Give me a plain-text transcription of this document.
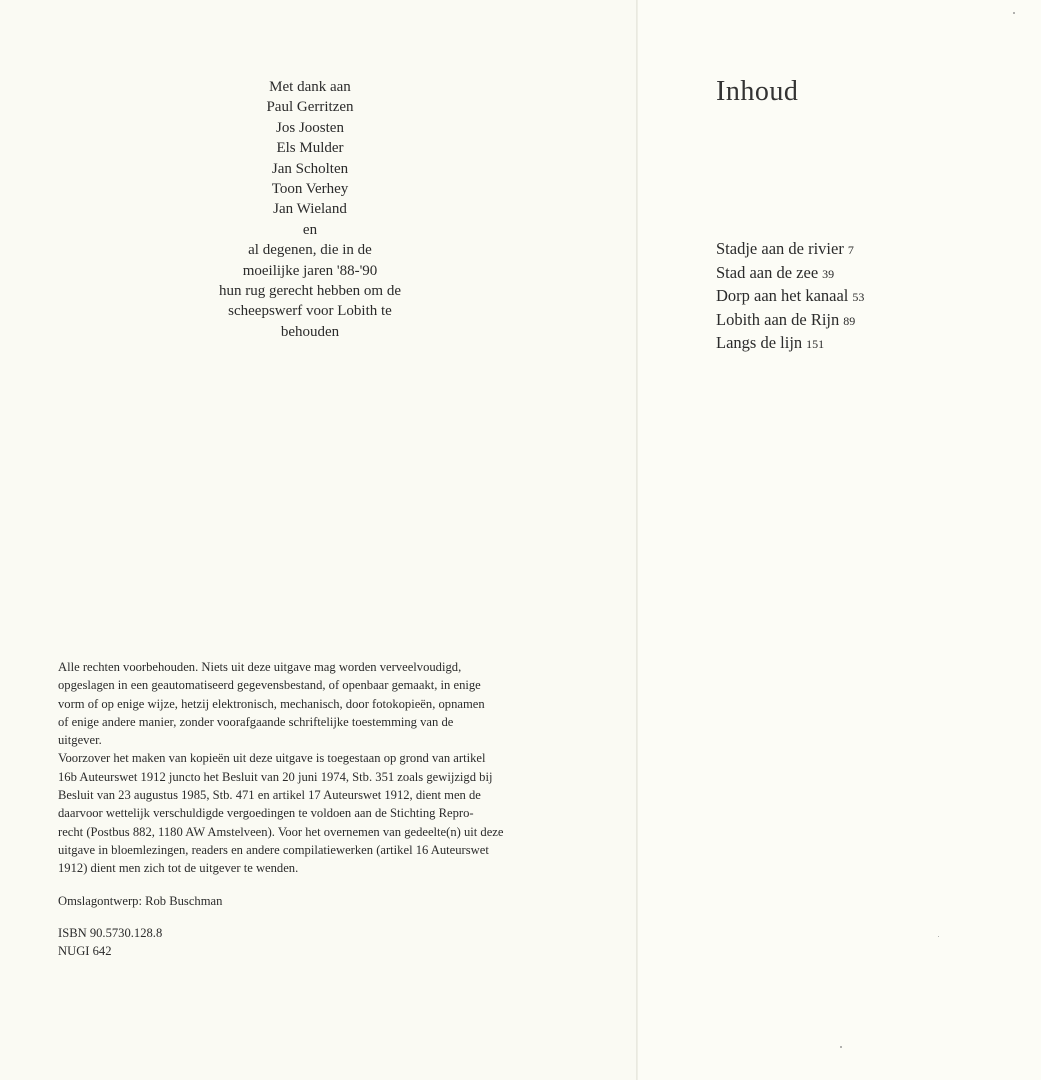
Met dank aan
Paul Gerritzen
Jos Joosten
Els Mulder
Jan Scholten
Toon Verhey
Jan Wieland
en
al degenen, die in de
moeilijke jaren '88-'90
hun rug gerecht hebben om de
scheepswerf voor Lobith te
behouden

Alle rechten voorbehouden. Niets uit deze uitgave mag worden verveelvoudigd,
opgeslagen in een geautomatiseerd gegevensbestand, of openbaar gemaakt, in enige
vorm of op enige wijze, hetzij elektronisch, mechanisch, door fotokopieën, opnamen
of enige andere manier, zonder voorafgaande schriftelijke toestemming van de
uitgever.
Voorzover het maken van kopieën uit deze uitgave is toegestaan op grond van artikel
16b Auteurswet 1912 juncto het Besluit van 20 juni 1974, Stb. 351 zoals gewijzigd bij
Besluit van 23 augustus 1985, Stb. 471 en artikel 17 Auteurswet 1912, dient men de
daarvoor wettelijk verschuldigde vergoedingen te voldoen aan de Stichting Repro-
recht (Postbus 882, 1180 AW Amstelveen). Voor het overnemen van gedeelte(n) uit deze
uitgave in bloemlezingen, readers en andere compilatiewerken (artikel 16 Auteurswet
1912) dient men zich tot de uitgever te wenden.

Omslagontwerp: Rob Buschman

ISBN 90.5730.128.8

NUGI 642

Inhoud
Stadje aan de rivier 7
Stad aan de zee 39
Dorp aan het kanaal 53
Lobith aan de Rijn 89
Langs de lijn 151
